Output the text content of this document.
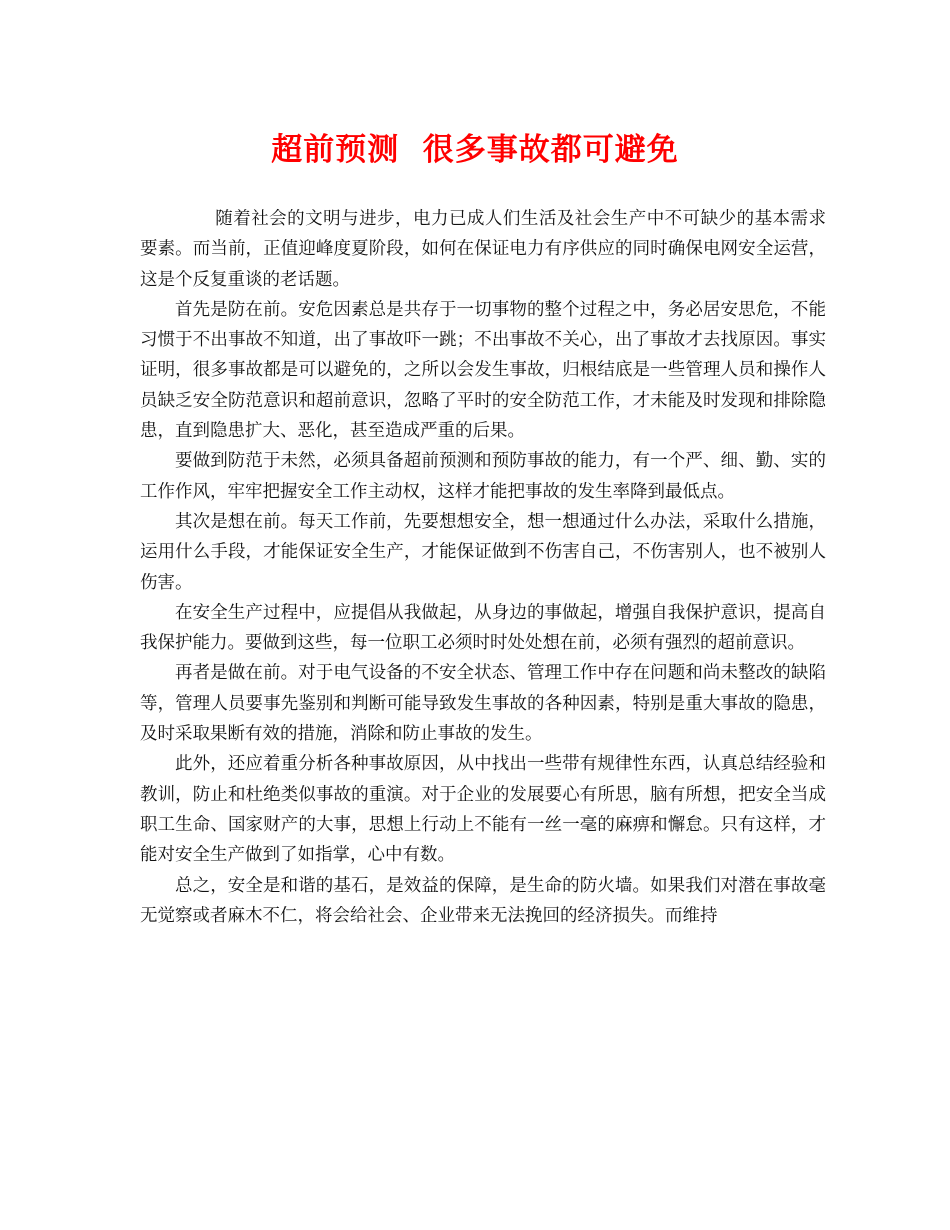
超前预测  很多事故都可避免

随着社会的文明与进步，电力已成人们生活及社会生产中不可缺少的基本需求要素。而当前，正值迎峰度夏阶段，如何在保证电力有序供应的同时确保电网安全运营，这是个反复重谈的老话题。

首先是防在前。安危因素总是共存于一切事物的整个过程之中，务必居安思危，不能习惯于不出事故不知道，出了事故吓一跳；不出事故不关心，出了事故才去找原因。事实证明，很多事故都是可以避免的，之所以会发生事故，归根结底是一些管理人员和操作人员缺乏安全防范意识和超前意识，忽略了平时的安全防范工作，才未能及时发现和排除隐患，直到隐患扩大、恶化，甚至造成严重的后果。

要做到防范于未然，必须具备超前预测和预防事故的能力，有一个严、细、勤、实的工作作风，牢牢把握安全工作主动权，这样才能把事故的发生率降到最低点。

其次是想在前。每天工作前，先要想想安全，想一想通过什么办法，采取什么措施，运用什么手段，才能保证安全生产，才能保证做到不伤害自己，不伤害别人，也不被别人伤害。

在安全生产过程中，应提倡从我做起，从身边的事做起，增强自我保护意识，提高自我保护能力。要做到这些，每一位职工必须时时处处想在前，必须有强烈的超前意识。

再者是做在前。对于电气设备的不安全状态、管理工作中存在问题和尚未整改的缺陷等，管理人员要事先鉴别和判断可能导致发生事故的各种因素，特别是重大事故的隐患，及时采取果断有效的措施，消除和防止事故的发生。

此外，还应着重分析各种事故原因，从中找出一些带有规律性东西，认真总结经验和教训，防止和杜绝类似事故的重演。对于企业的发展要心有所思，脑有所想，把安全当成职工生命、国家财产的大事，思想上行动上不能有一丝一毫的麻痹和懈怠。只有这样，才能对安全生产做到了如指掌，心中有数。

总之，安全是和谐的基石，是效益的保障，是生命的防火墙。如果我们对潜在事故毫无觉察或者麻木不仁，将会给社会、企业带来无法挽回的经济损失。而维持
